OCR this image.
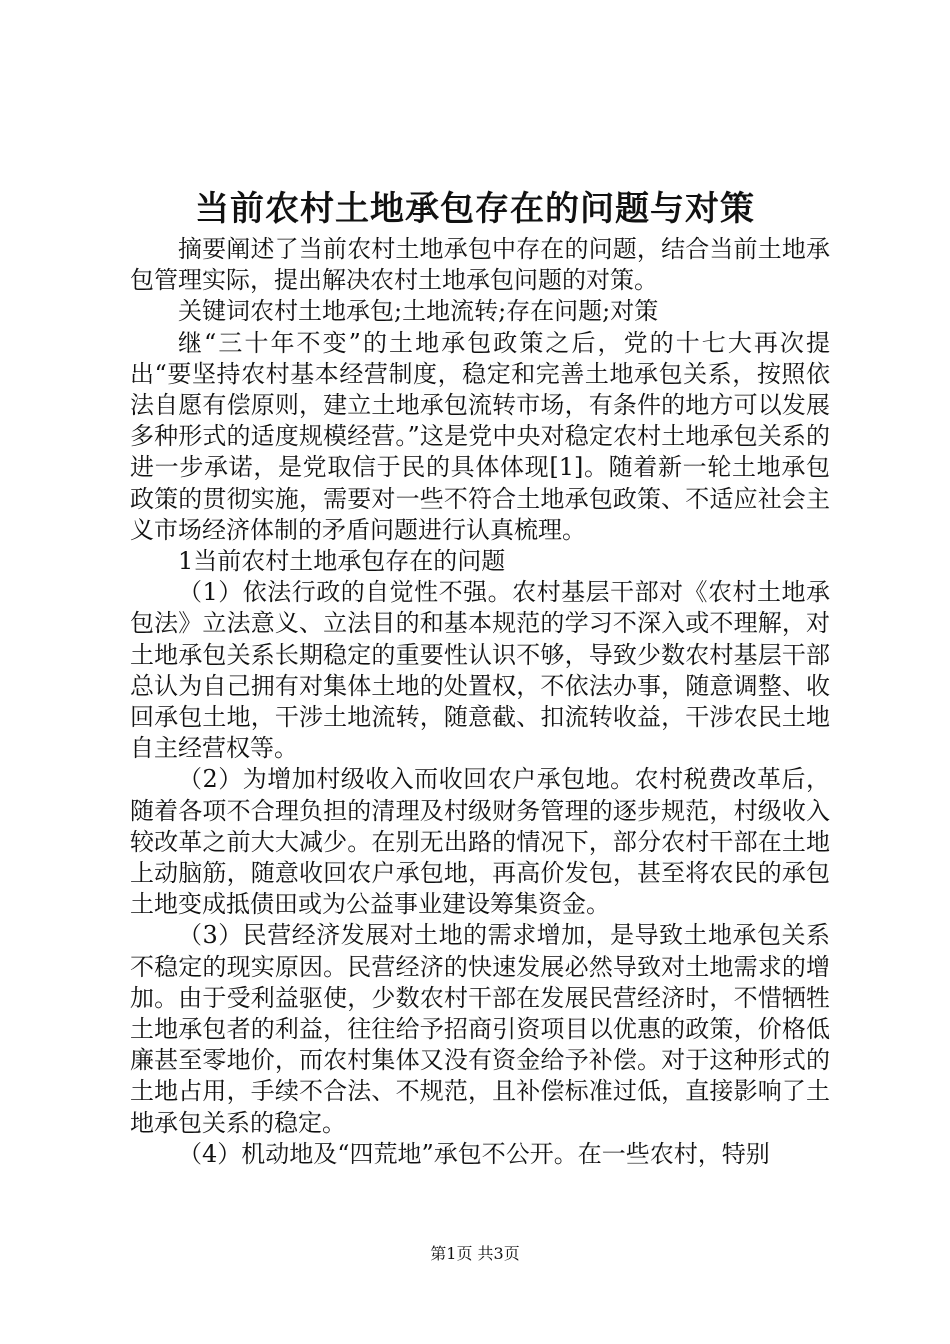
当前农村土地承包存在的问题与对策

摘要阐述了当前农村土地承包中存在的问题，结合当前土地承包管理实际，提出解决农村土地承包问题的对策。

关键词农村土地承包;土地流转;存在问题;对策

继“三十年不变”的土地承包政策之后，党的十七大再次提出“要坚持农村基本经营制度，稳定和完善土地承包关系，按照依法自愿有偿原则，建立土地承包流转市场，有条件的地方可以发展多种形式的适度规模经营。”这是党中央对稳定农村土地承包关系的进一步承诺，是党取信于民的具体体现[1]。随着新一轮土地承包政策的贯彻实施，需要对一些不符合土地承包政策、不适应社会主义市场经济体制的矛盾问题进行认真梳理。

1当前农村土地承包存在的问题

（1）依法行政的自觉性不强。农村基层干部对《农村土地承包法》立法意义、立法目的和基本规范的学习不深入或不理解，对土地承包关系长期稳定的重要性认识不够，导致少数农村基层干部总认为自己拥有对集体土地的处置权，不依法办事，随意调整、收回承包土地，干涉土地流转，随意截、扣流转收益，干涉农民土地自主经营权等。

（2）为增加村级收入而收回农户承包地。农村税费改革后，随着各项不合理负担的清理及村级财务管理的逐步规范，村级收入较改革之前大大减少。在别无出路的情况下，部分农村干部在土地上动脑筋，随意收回农户承包地，再高价发包，甚至将农民的承包土地变成抵债田或为公益事业建设筹集资金。

（3）民营经济发展对土地的需求增加，是导致土地承包关系不稳定的现实原因。民营经济的快速发展必然导致对土地需求的增加。由于受利益驱使，少数农村干部在发展民营经济时，不惜牺牲土地承包者的利益，往往给予招商引资项目以优惠的政策，价格低廉甚至零地价，而农村集体又没有资金给予补偿。对于这种形式的土地占用，手续不合法、不规范，且补偿标准过低，直接影响了土地承包关系的稳定。

（4）机动地及“四荒地”承包不公开。在一些农村，特别

第1页 共3页
